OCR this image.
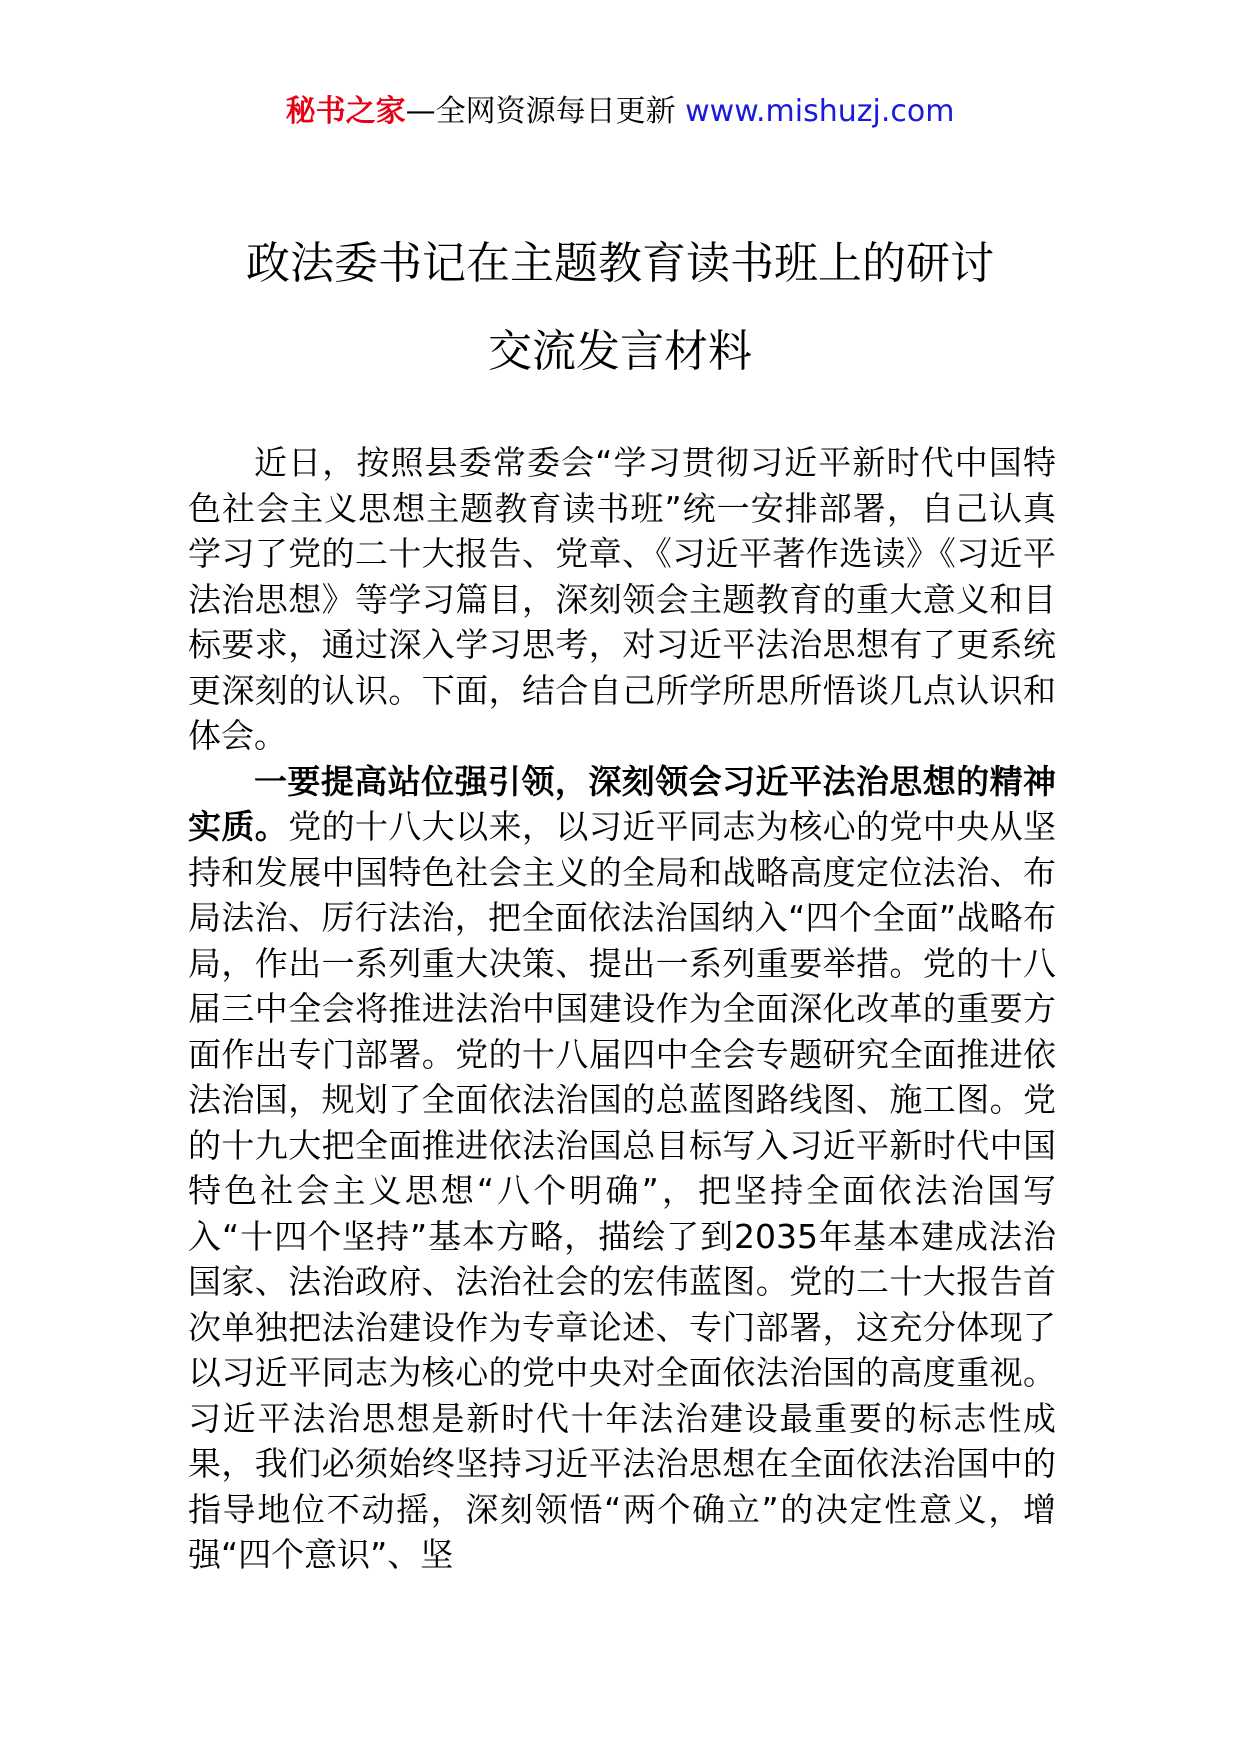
秘书之家—全网资源每日更新 www.mishuzj.com
政法委书记在主题教育读书班上的研讨
交流发言材料

近日，按照县委常委会“学习贯彻习近平新时代中国特色社会主义思想主题教育读书班”统一安排部署，自己认真学习了党的二十大报告、党章、《习近平著作选读》《习近平法治思想》等学习篇目，深刻领会主题教育的重大意义和目标要求，通过深入学习思考，对习近平法治思想有了更系统更深刻的认识。下面，结合自己所学所思所悟谈几点认识和体会。

一要提高站位强引领，深刻领会习近平法治思想的精神实质。党的十八大以来，以习近平同志为核心的党中央从坚持和发展中国特色社会主义的全局和战略高度定位法治、布局法治、厉行法治，把全面依法治国纳入“四个全面”战略布局，作出一系列重大决策、提出一系列重要举措。党的十八届三中全会将推进法治中国建设作为全面深化改革的重要方面作出专门部署。党的十八届四中全会专题研究全面推进依法治国，规划了全面依法治国的总蓝图路线图、施工图。党的十九大把全面推进依法治国总目标写入习近平新时代中国特色社会主义思想“八个明确”，把坚持全面依法治国写入“十四个坚持”基本方略，描绘了到2035年基本建成法治国家、法治政府、法治社会的宏伟蓝图。党的二十大报告首次单独把法治建设作为专章论述、专门部署，这充分体现了以习近平同志为核心的党中央对全面依法治国的高度重视。习近平法治思想是新时代十年法治建设最重要的标志性成果，我们必须始终坚持习近平法治思想在全面依法治国中的指导地位不动摇，深刻领悟“两个确立”的决定性意义，增强“四个意识”、坚
